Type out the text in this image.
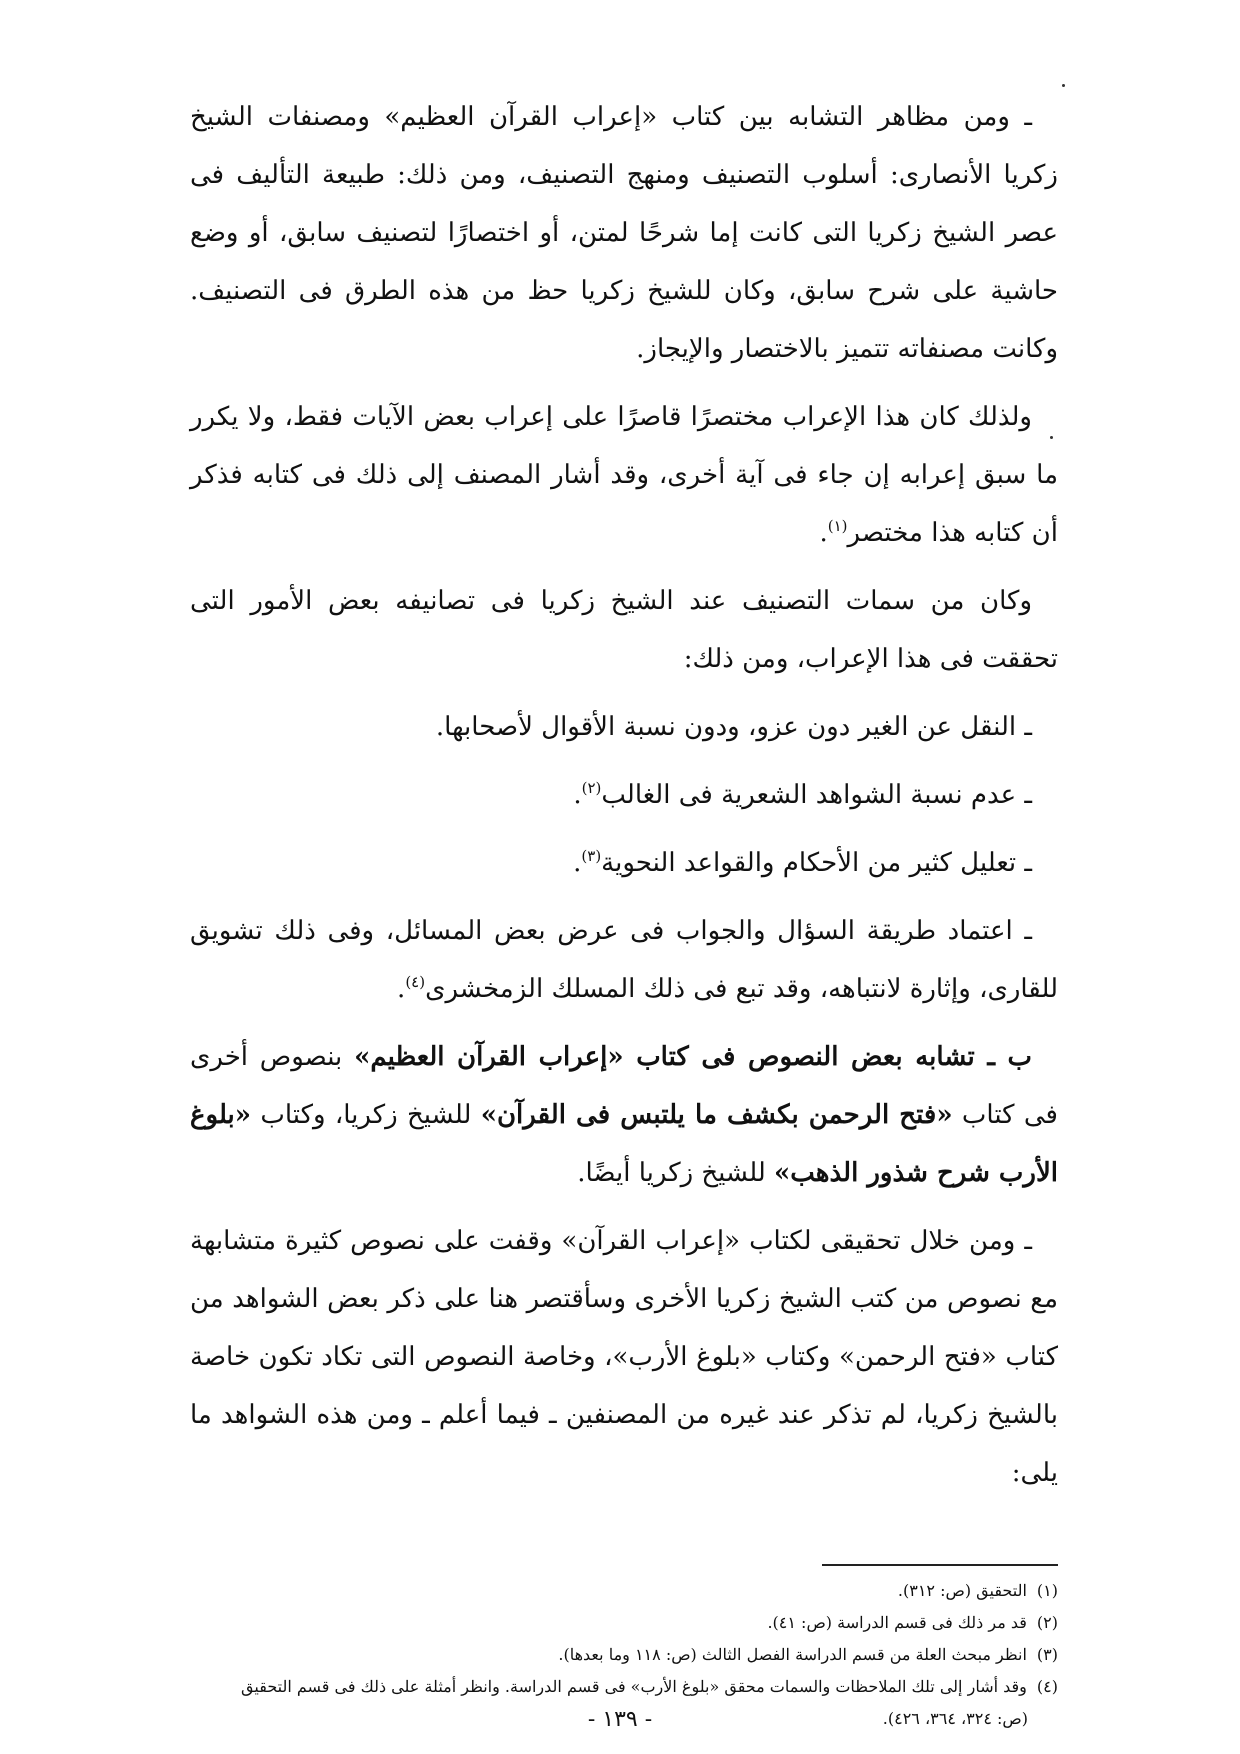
ـ ومن مظاهر التشابه بين كتاب «إعراب القرآن العظيم» ومصنفات الشيخ زكريا الأنصارى: أسلوب التصنيف ومنهج التصنيف، ومن ذلك: طبيعة التأليف فى عصر الشيخ زكريا التى كانت إما شرحًا لمتن، أو اختصارًا لتصنيف سابق، أو وضع حاشية على شرح سابق، وكان للشيخ زكريا حظ من هذه الطرق فى التصنيف. وكانت مصنفاته تتميز بالاختصار والإيجاز.

ولذلك كان هذا الإعراب مختصرًا قاصرًا على إعراب بعض الآيات فقط، ولا يكرر ما سبق إعرابه إن جاء فى آية أخرى، وقد أشار المصنف إلى ذلك فى كتابه فذكر أن كتابه هذا مختصر$^{(١)}$.

وكان من سمات التصنيف عند الشيخ زكريا فى تصانيفه بعض الأمور التى تحققت فى هذا الإعراب، ومن ذلك:

ـ النقل عن الغير دون عزو، ودون نسبة الأقوال لأصحابها.

ـ عدم نسبة الشواهد الشعرية فى الغالب$^{(٢)}$.

ـ تعليل كثير من الأحكام والقواعد النحوية$^{(٣)}$.

ـ اعتماد طريقة السؤال والجواب فى عرض بعض المسائل، وفى ذلك تشويق للقارى، وإثارة لانتباهه، وقد تبع فى ذلك المسلك الزمخشرى$^{(٤)}$.

ب ـ تشابه بعض النصوص فى كتاب «إعراب القرآن العظيم» بنصوص أخرى فى كتاب «فتح الرحمن بكشف ما يلتبس فى القرآن» للشيخ زكريا، وكتاب «بلوغ الأرب شرح شذور الذهب» للشيخ زكريا أيضًا.

ـ ومن خلال تحقيقى لكتاب «إعراب القرآن» وقفت على نصوص كثيرة متشابهة مع نصوص من كتب الشيخ زكريا الأخرى وسأقتصر هنا على ذكر بعض الشواهد من كتاب «فتح الرحمن» وكتاب «بلوغ الأرب»، وخاصة النصوص التى تكاد تكون خاصة بالشيخ زكريا، لم تذكر عند غيره من المصنفين ـ فيما أعلم ـ ومن هذه الشواهد ما يلى:

(١) التحقيق (ص: ٣١٢).

(٢) قد مر ذلك فى قسم الدراسة (ص: ٤١).

(٣) انظر مبحث العلة من قسم الدراسة الفصل الثالث (ص: ١١٨ وما بعدها).

(٤) وقد أشار إلى تلك الملاحظات والسمات محقق «بلوغ الأرب» فى قسم الدراسة. وانظر أمثلة على ذلك فى قسم التحقيق

(ص: ٣٢٤، ٣٦٤، ٤٢٦).

- ١٣٩ -
